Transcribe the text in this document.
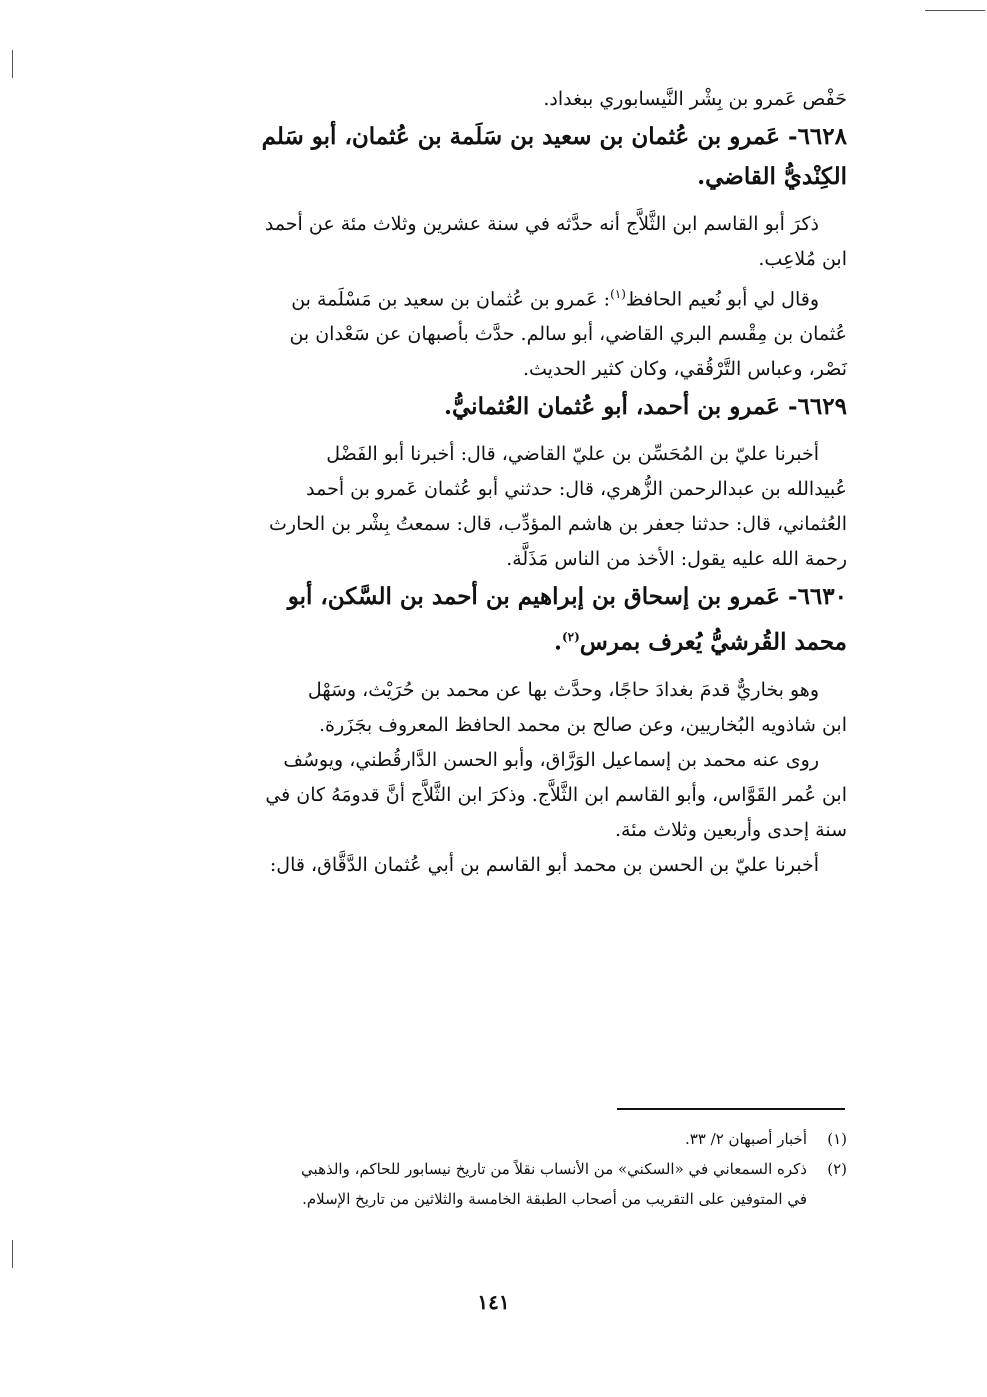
حَفْص عَمرو بن بِشْر النَّيسابوري ببغداد.

٦٦٢٨- عَمرو بن عُثمان بن سعيد بن سَلَمة بن عُثمان، أبو سَلم

الكِنْديُّ القاضي.

ذكرَ أبو القاسم ابن الثَّلاَّج أنه حدَّثه في سنة عشرين وثلاث مئة عن أحمد

ابن مُلاعِب.

وقال لي أبو نُعيم الحافظ$^{(١)}$: عَمرو بن عُثمان بن سعيد بن مَسْلَمة بن

عُثمان بن مِقْسم البري القاضي، أبو سالم. حدَّث بأصبهان عن سَعْدان بن

نَصْر، وعباس التَّرْقُقي، وكان كثير الحديث.

٦٦٢٩- عَمرو بن أحمد، أبو عُثمان العُثمانيُّ.

أخبرنا عليّ بن المُحَسِّن بن عليّ القاضي، قال: أخبرنا أبو الفَضْل

عُبيدالله بن عبدالرحمن الزُّهري، قال: حدثني أبو عُثمان عَمرو بن أحمد

العُثماني، قال: حدثنا جعفر بن هاشم المؤدِّب، قال: سمعتُ بِشْر بن الحارث

رحمة الله عليه يقول: الأخذ من الناس مَذَلَّة.

٦٦٣٠- عَمرو بن إسحاق بن إبراهيم بن أحمد بن السَّكن، أبو

محمد القُرشيُّ يُعرف بمرس$^{(٢)}$.

وهو بخاريٌّ قدمَ بغدادَ حاجًا، وحدَّث بها عن محمد بن حُرَيْث، وسَهْل

ابن شاذويه البُخاريين، وعن صالح بن محمد الحافظ المعروف بجَزَرة.

روى عنه محمد بن إسماعيل الوَرَّاق، وأبو الحسن الدَّارقُطني، ويوسُف

ابن عُمر القَوَّاس، وأبو القاسم ابن الثَّلاَّج. وذكرَ ابن الثَّلاَّج أنَّ قدومَهُ كان في

سنة إحدى وأربعين وثلاث مئة.

أخبرنا عليّ بن الحسن بن محمد أبو القاسم بن أبي عُثمان الدَّقَّاق، قال:

(١)أخبار أصبهان ٢/ ٣٣.
(٢)ذكره السمعاني في «السكني» من الأنساب نقلاً من تاريخ نيسابور للحاكم، والذهبي
في المتوفين على التقريب من أصحاب الطبقة الخامسة والثلاثين من تاريخ الإسلام.
١٤١
